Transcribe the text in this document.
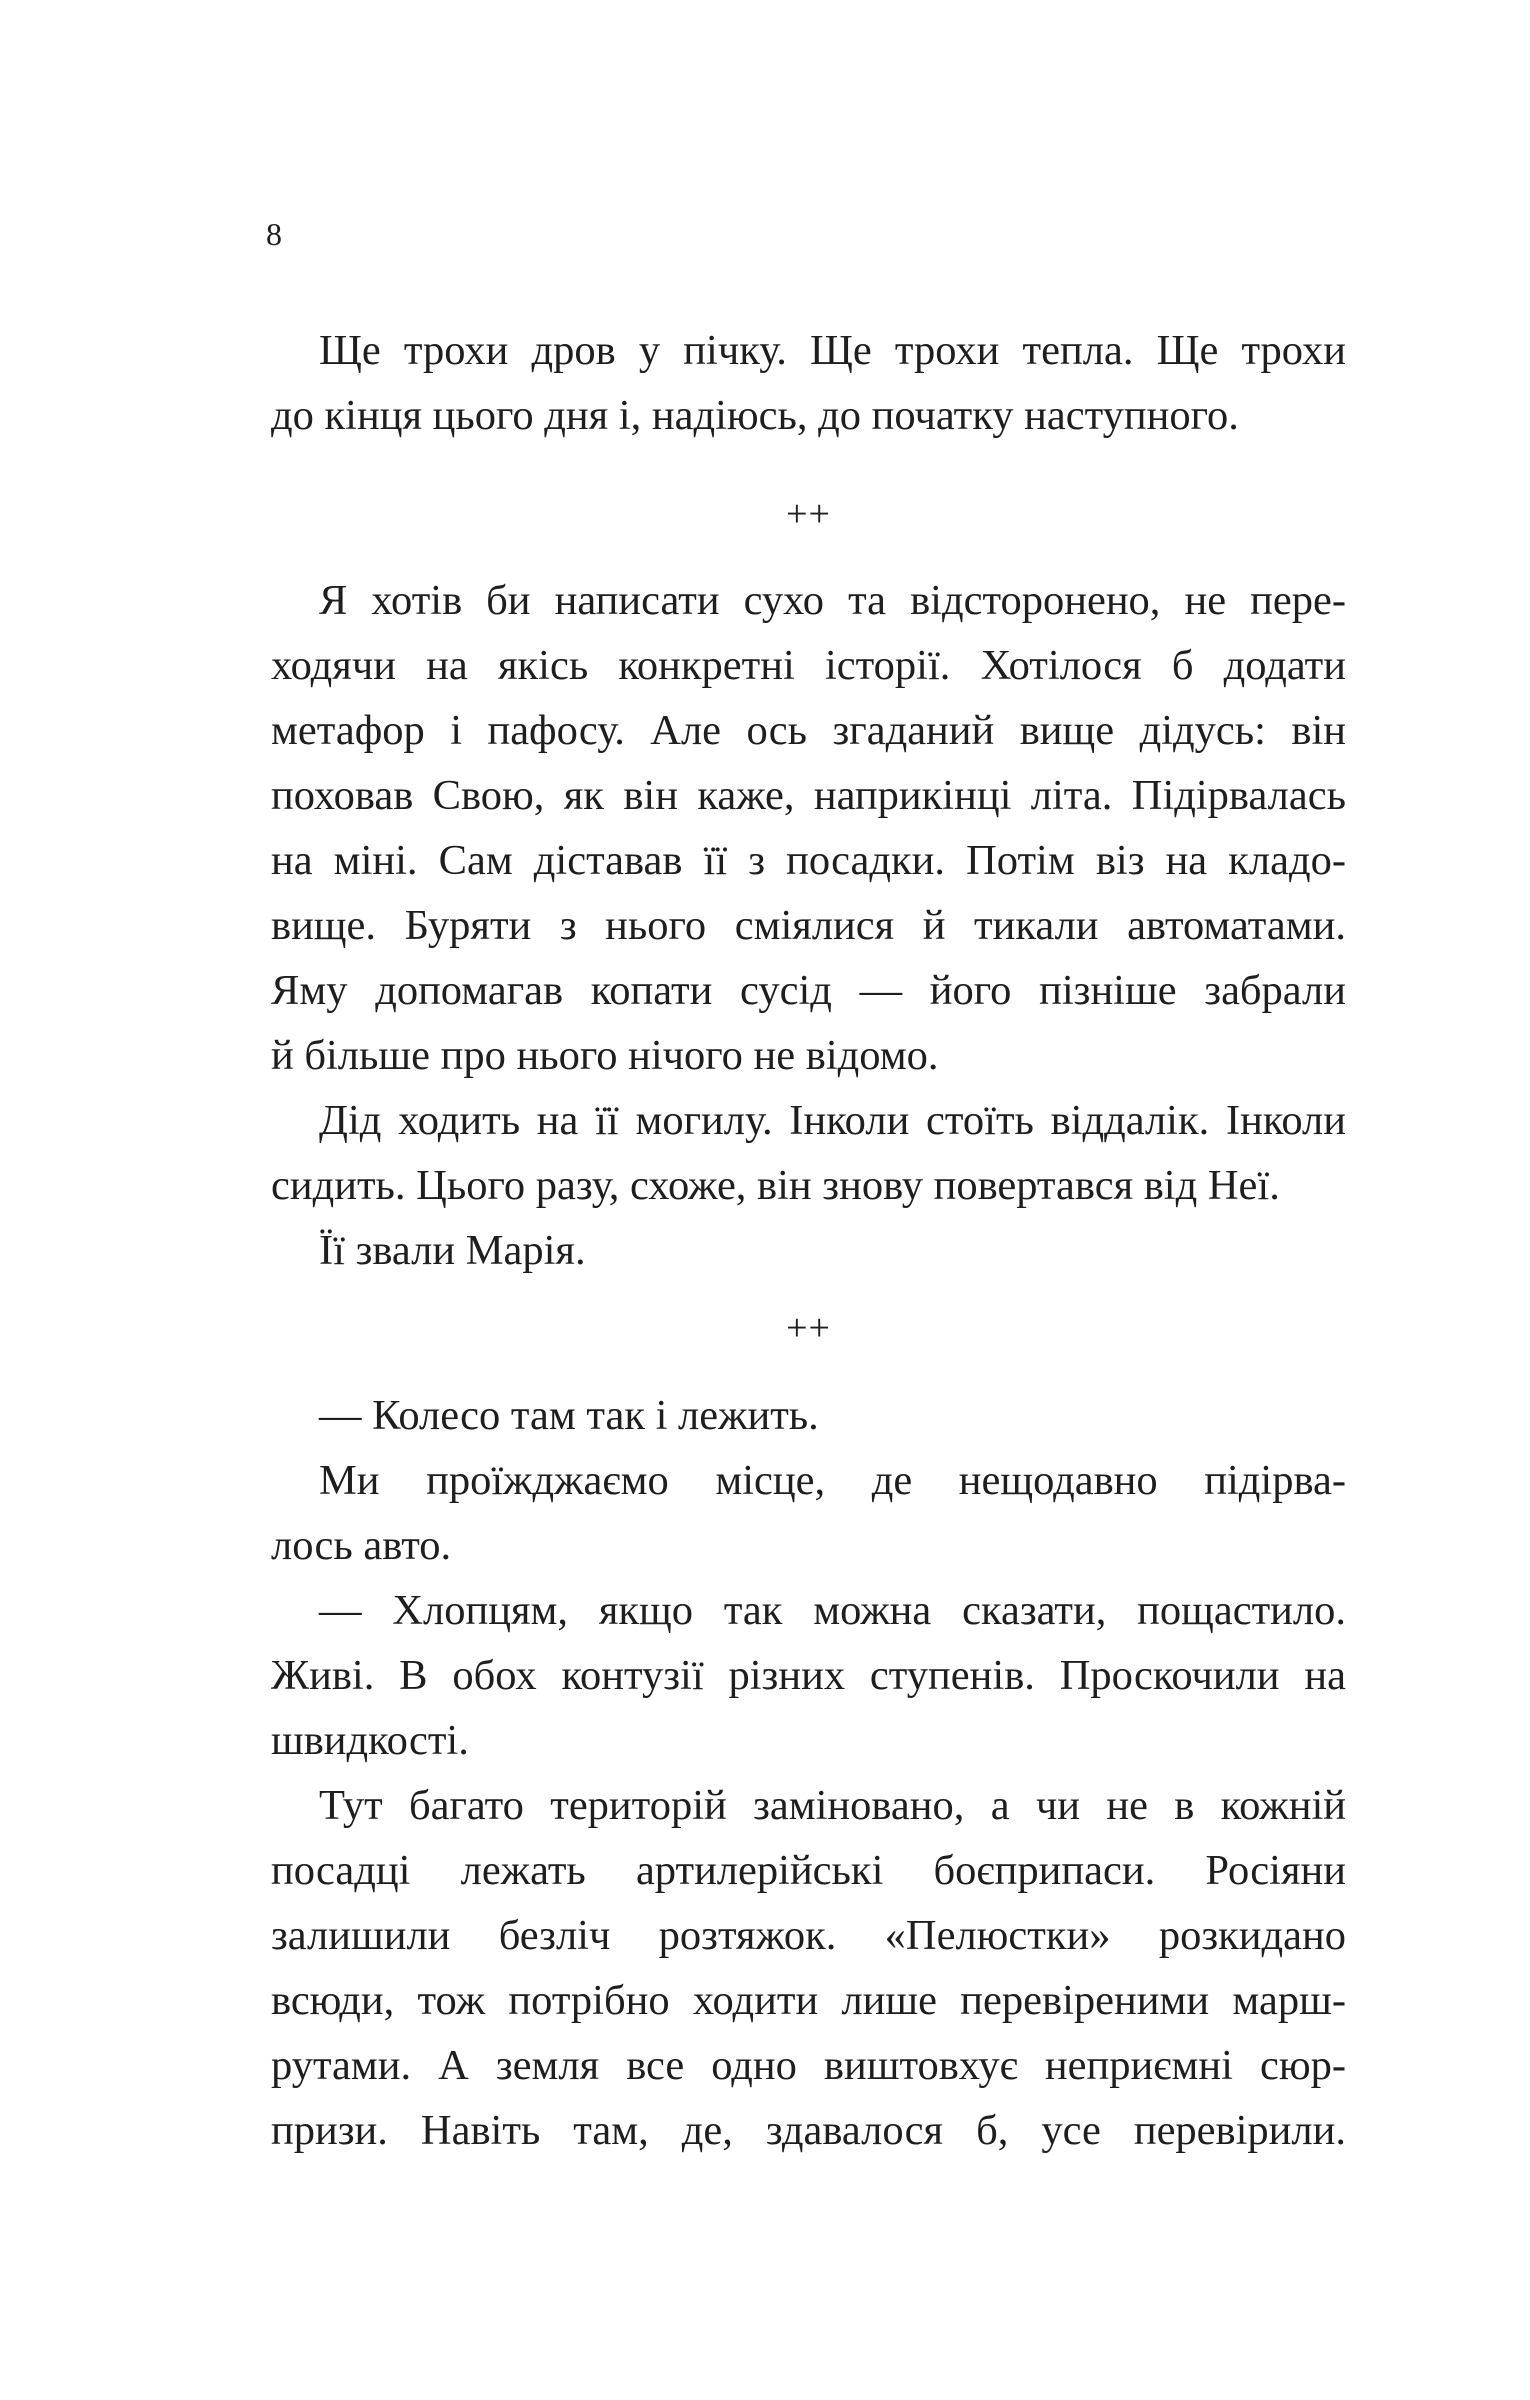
8
Ще трохи дров у пічку. Ще трохи тепла. Ще трохи
до кінця цього дня і, надіюсь, до початку наступного.
++
Я хотів би написати сухо та відсторонено, не пере-
ходячи на якісь конкретні історії. Хотілося б додати
метафор і пафосу. Але ось згаданий вище дідусь: він
поховав Свою, як він каже, наприкінці літа. Підірвалась
на міні. Сам діставав її з посадки. Потім віз на кладо-
вище. Буряти з нього сміялися й тикали автоматами.
Яму допомагав копати сусід — його пізніше забрали
й більше про нього нічого не відомо.
Дід ходить на її могилу. Інколи стоїть віддалік. Інколи
сидить. Цього разу, схоже, він знову повертався від Неї.
Її звали Марія.
++
— Колесо там так і лежить.
Ми проїжджаємо місце, де нещодавно підірва-
лось авто.
— Хлопцям, якщо так можна сказати, пощастило.
Живі. В обох контузії різних ступенів. Проскочили на
швидкості.
Тут багато територій заміновано, а чи не в кожній
посадці лежать артилерійські боєприпаси. Росіяни
залишили безліч розтяжок. «Пелюстки» розкидано
всюди, тож потрібно ходити лише перевіреними марш-
рутами. А земля все одно виштовхує неприємні сюр-
призи. Навіть там, де, здавалося б, усе перевірили.
